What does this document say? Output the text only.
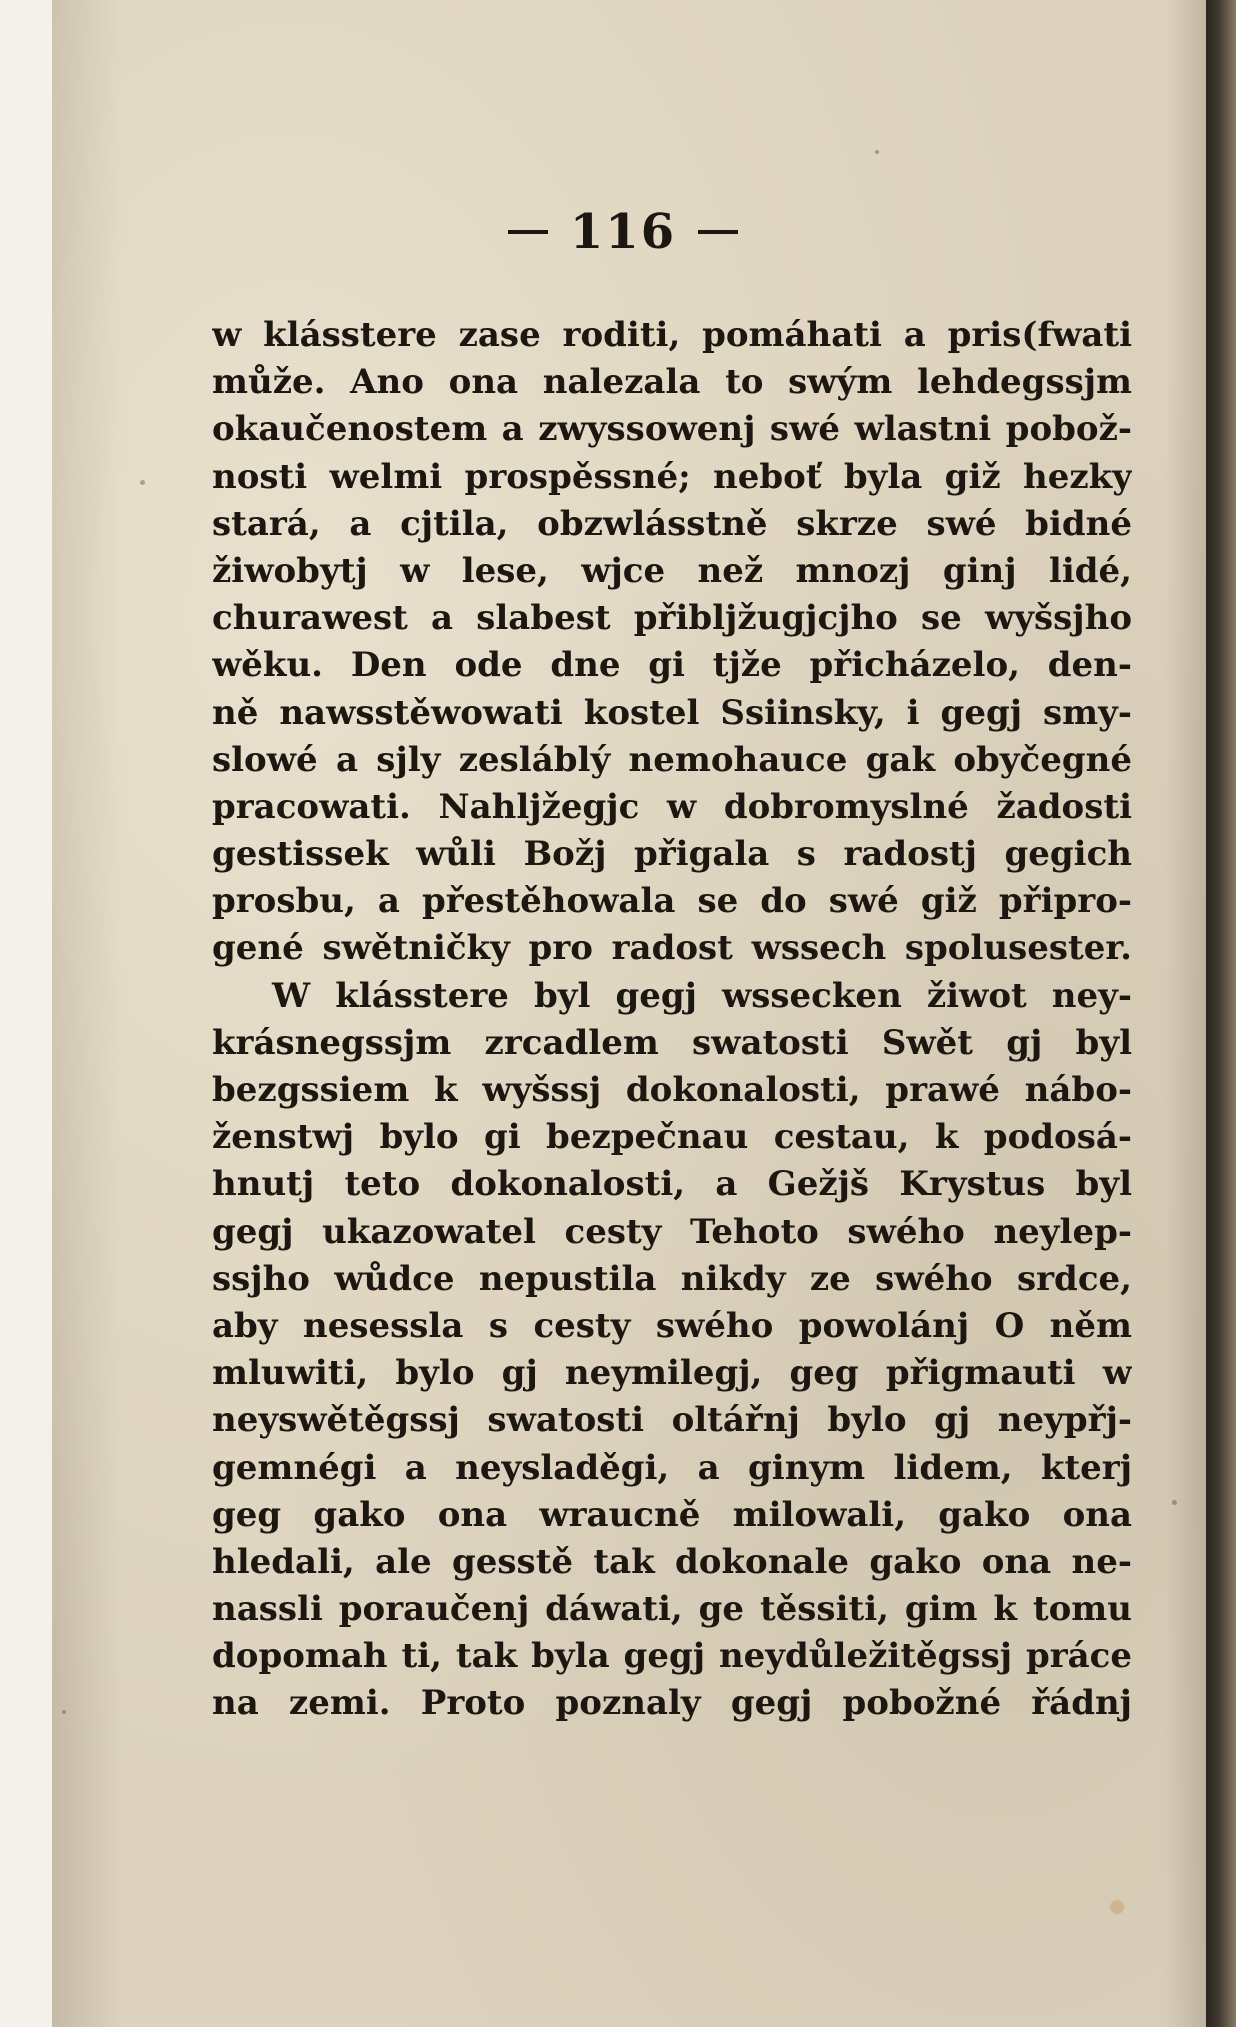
116
w klásstere zase roditi, pomáhati a pris(fwati
může. Ano ona nalezala to swým lehdegssjm
okaučenostem a zwyssowenj swé wlastni pobož-
nosti welmi prospěssné; neboť byla giž hezky
stará, a cjtila, obzwlásstně skrze swé bidné
žiwobytj w lese, wjce než mnozj ginj lidé,
churawest a slabest přibljžugjcjho se wyšsjho
wěku. Den ode dne gi tjže přicházelo, den-
ně nawsstěwowati kostel Ssiinsky, i gegj smy-
slowé a sjly zesláblý nemohauce gak obyčegné
pracowati. Nahljžegjc w dobromyslné žadosti
gestissek wůli Božj přigala s radostj gegich
prosbu, a přestěhowala se do swé giž připro-
gené swětničky pro radost wssech spolusester.
W klásstere byl gegj wssecken žiwot ney-
krásnegssjm zrcadlem swatosti Swět gj byl
bezgssiem k wyšssj dokonalosti, prawé nábo-
ženstwj bylo gi bezpečnau cestau, k podosá-
hnutj teto dokonalosti, a Gežjš Krystus byl
gegj ukazowatel cesty Tehoto swého neylep-
ssjho wůdce nepustila nikdy ze swého srdce,
aby nesessla s cesty swého powolánj O něm
mluwiti, bylo gj neymilegj, geg přigmauti w
neyswětěgssj swatosti oltářnj bylo gj neypřj-
gemnégi a neysladěgi, a ginym lidem, kterj
geg gako ona wraucně milowali, gako ona
hledali, ale gesstě tak dokonale gako ona ne-
nassli poraučenj dáwati, ge těssiti, gim k tomu
dopomah ti, tak byla gegj neydůležitěgssj práce
na zemi. Proto poznaly gegj pobožné řádnj
